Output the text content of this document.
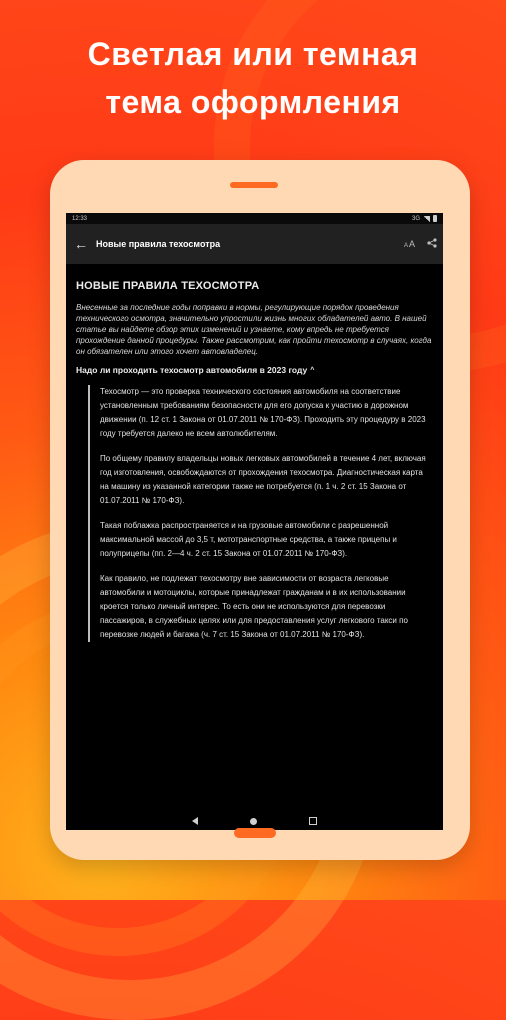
Светлая или темная
тема оформления
12:33	3G
← Новые правила техосмотра	A A
НОВЫЕ ПРАВИЛА ТЕХОСМОТРА

Внесенные за последние годы поправки в нормы, регулирующие порядок проведения технического осмотра, значительно упростили жизнь многих обладателей авто. В нашей статье вы найдете обзор этих изменений и узнаете, кому впредь не требуется прохождение данной процедуры. Также рассмотрим, как пройти техосмотр в случаях, когда он обязателен или этого хочет автовладелец.

Надо ли проходить техосмотр автомобиля в 2023 году ^

Техосмотр — это проверка технического состояния автомобиля на соответствие установленным требованиям безопасности для его допуска к участию в дорожном движении (п. 12 ст. 1 Закона от 01.07.2011 № 170-ФЗ). Проходить эту процедуру в 2023 году требуется далеко не всем автолюбителям.

По общему правилу владельцы новых легковых автомобилей в течение 4 лет, включая год изготовления, освобождаются от прохождения техосмотра. Диагностическая карта на машину из указанной категории также не потребуется (п. 1 ч. 2 ст. 15 Закона от 01.07.2011 № 170-ФЗ).

Такая поблажка распространяется и на грузовые автомобили с разрешенной максимальной массой до 3,5 т, мототранспортные средства, а также прицепы и полуприцепы (пп. 2—4 ч. 2 ст. 15 Закона от 01.07.2011 № 170-ФЗ).

Как правило, не подлежат техосмотру вне зависимости от возраста легковые автомобили и мотоциклы, которые принадлежат гражданам и в их использовании кроется только личный интерес. То есть они не используются для перевозки пассажиров, в служебных целях или для предоставления услуг легкового такси по перевозке людей и багажа (ч. 7 ст. 15 Закона от 01.07.2011 № 170-ФЗ).
